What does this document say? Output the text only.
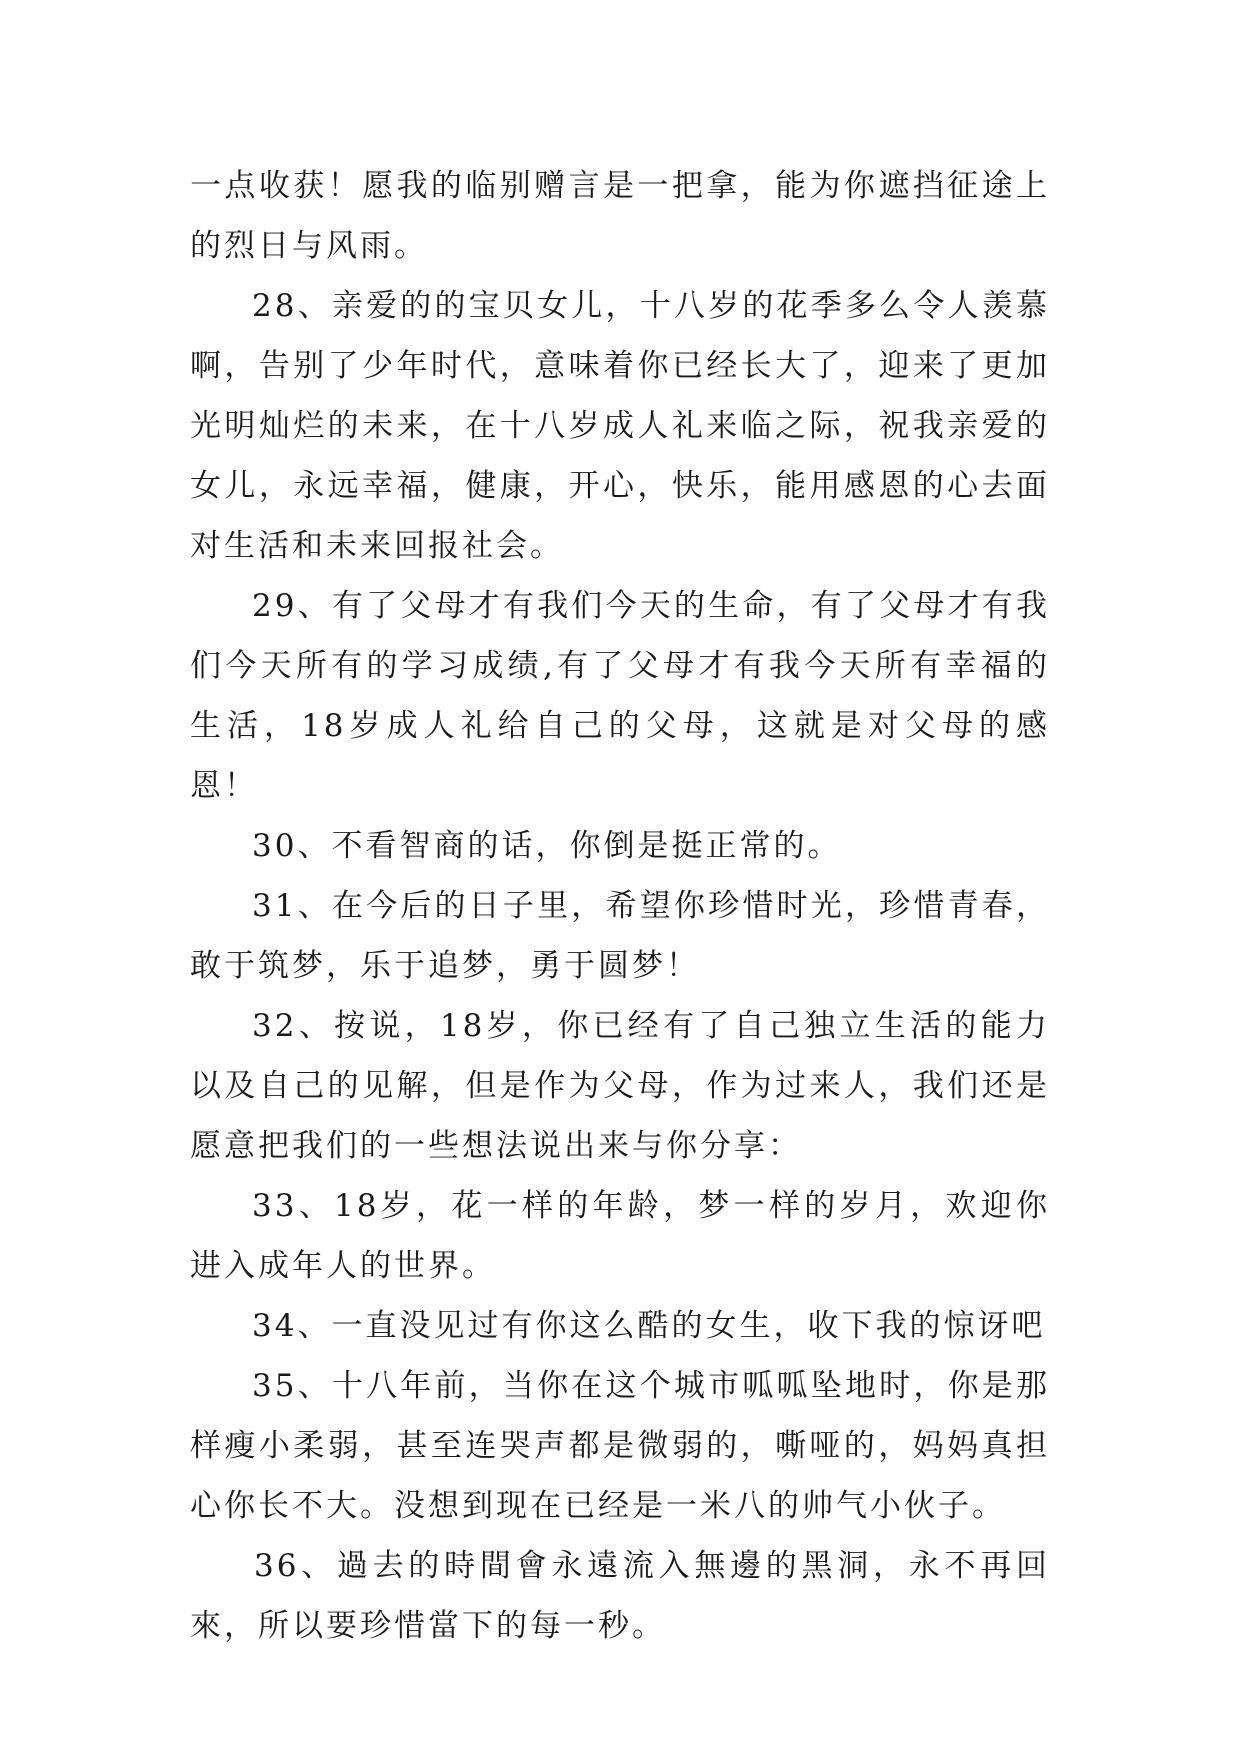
一点收获！愿我的临别赠言是一把拿，能为你遮挡征途上的烈日与风雨。

28、亲爱的的宝贝女儿，十八岁的花季多么令人羡慕啊，告别了少年时代，意味着你已经长大了，迎来了更加光明灿烂的未来，在十八岁成人礼来临之际，祝我亲爱的女儿，永远幸福，健康，开心，快乐，能用感恩的心去面对生活和未来回报社会。

29、有了父母才有我们今天的生命，有了父母才有我们今天所有的学习成绩,有了父母才有我今天所有幸福的生活，18岁成人礼给自己的父母，这就是对父母的感恩！

30、不看智商的话，你倒是挺正常的。

31、在今后的日子里，希望你珍惜时光，珍惜青春，敢于筑梦，乐于追梦，勇于圆梦！

32、按说，18岁，你已经有了自己独立生活的能力以及自己的见解，但是作为父母，作为过来人，我们还是愿意把我们的一些想法说出来与你分享：

33、18岁，花一样的年龄，梦一样的岁月，欢迎你进入成年人的世界。

34、一直没见过有你这么酷的女生，收下我的惊讶吧

35、十八年前，当你在这个城市呱呱坠地时，你是那样瘦小柔弱，甚至连哭声都是微弱的，嘶哑的，妈妈真担心你长不大。没想到现在已经是一米八的帅气小伙子。

36、過去的時間會永遠流入無邊的黑洞，永不再回來，所以要珍惜當下的每一秒。
